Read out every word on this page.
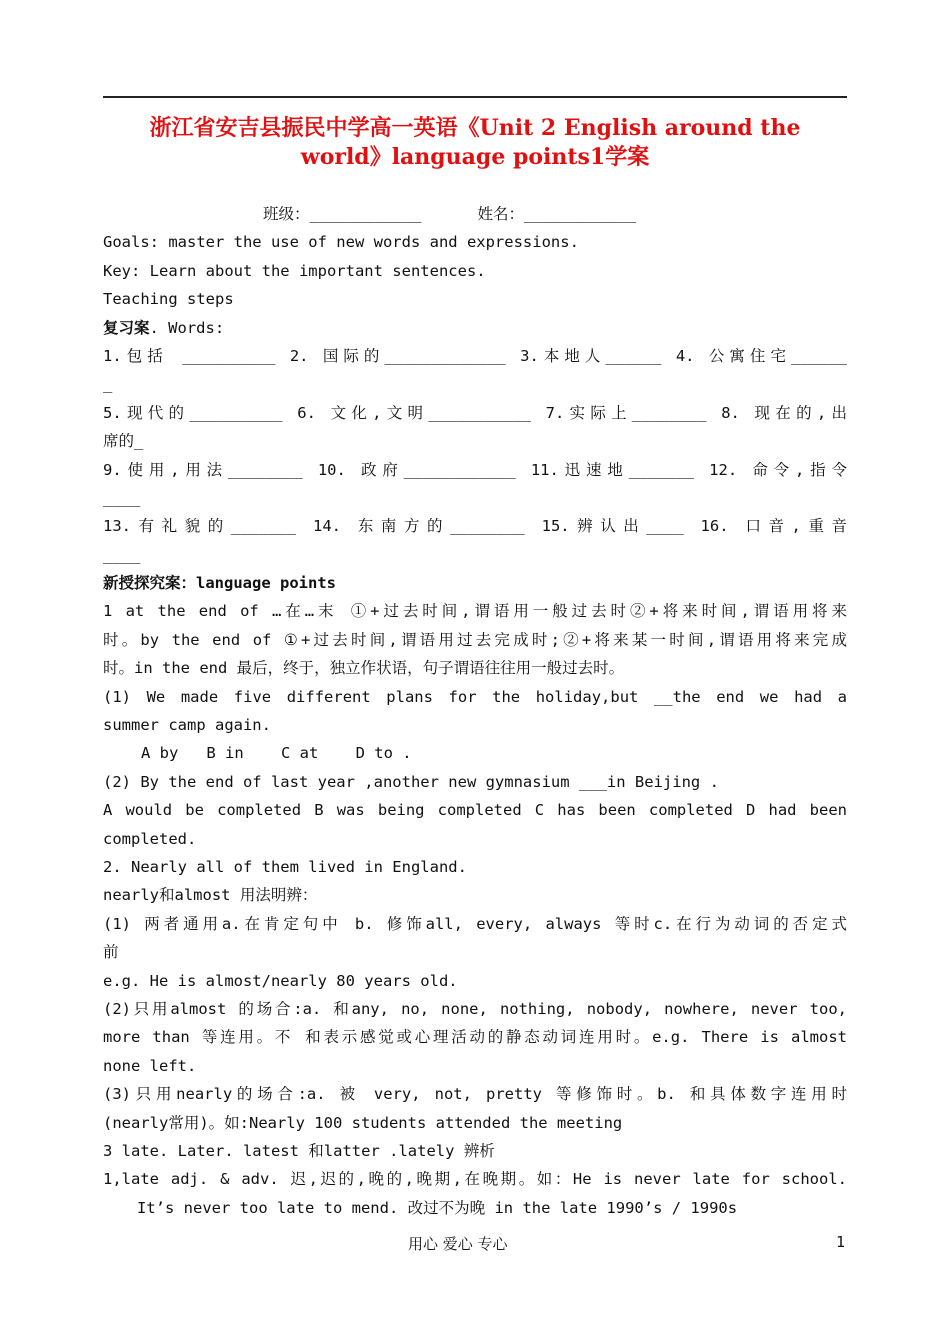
浙江省安吉县振民中学高一英语《Unit 2 English around the
world》language points1学案
班级：____________      姓名：____________
Goals: master the use of new words and expressions.
Key: Learn about the important sentences.
Teaching steps
复习案. Words:
1.包括 __________ 2. 国际的_____________ 3.本地人______ 4. 公寓住宅______
_
5.现代的__________ 6. 文化,文明___________ 7.实际上________ 8. 现在的,出
席的_
9.使用,用法________ 10. 政府____________ 11.迅速地_______ 12. 命令,指令
____
13.有礼貌的_______ 14. 东南方的________ 15.辨认出____ 16. 口音,重音
____
新授探究案：language points
1 at the end of …在…末 ①+过去时间,谓语用一般过去时②+将来时间,谓语用将来
时。by the end of ①+过去时间,谓语用过去完成时;②+将来某一时间,谓语用将来完成
时。in the end 最后，终于，独立作状语，句子谓语往往用一般过去时。
(1) We made five different plans for the holiday,but __the end we had a
summer camp again.
A by   B in    C at    D to .
(2) By the end of last year ,another new gymnasium ___in Beijing .
A would be completed B was being completed C has been completed D had been
completed.
2. Nearly all of them lived in England.
nearly和almost 用法明辨：
(1) 两者通用a.在肯定句中 b. 修饰all, every, always 等时c.在行为动词的否定式
前
e.g. He is almost/nearly 80 years old.
(2)只用almost 的场合:a. 和any, no, none, nothing, nobody, nowhere, never too,
more than 等连用。不 和表示感觉或心理活动的静态动词连用时。e.g. There is almost
none left.
(3)只用nearly的场合:a. 被 very, not, pretty 等修饰时。b. 和具体数字连用时
(nearly常用)。如:Nearly 100 students attended the meeting
3 late. Later. latest 和latter .lately 辨析
1,late adj. & adv. 迟,迟的,晚的,晚期,在晚期。如：He is never late for school.
It’s never too late to mend. 改过不为晚 in the late 1990’s / 1990s
用心 爱心 专心	1
